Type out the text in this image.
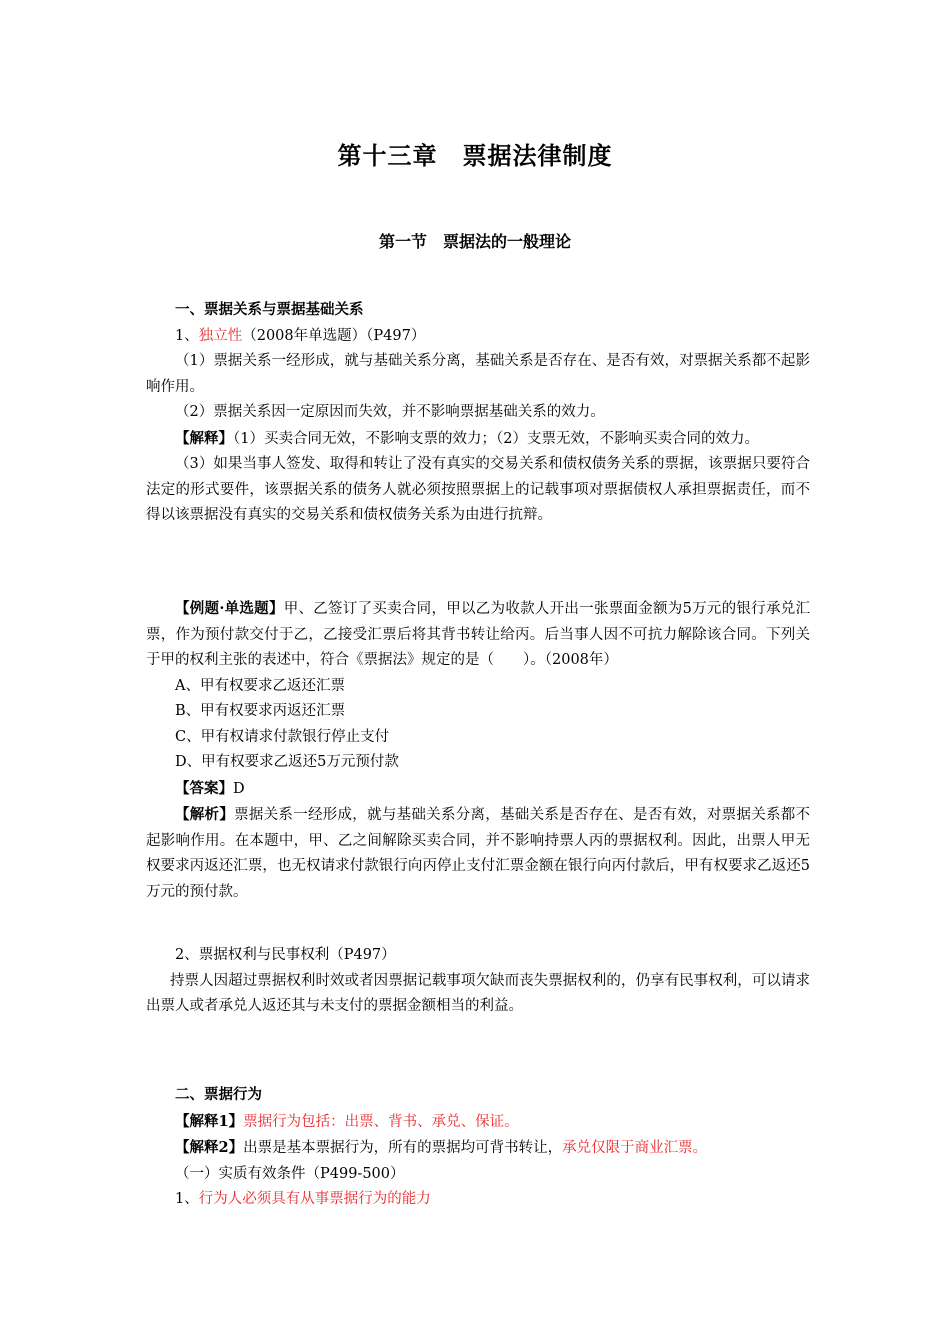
第十三章　票据法律制度
第一节　票据法的一般理论

一、票据关系与票据基础关系

1、独立性（2008年单选题）（P497）

（1）票据关系一经形成，就与基础关系分离，基础关系是否存在、是否有效，对票据关系都不起影响作用。

（2）票据关系因一定原因而失效，并不影响票据基础关系的效力。

【解释】（1）买卖合同无效，不影响支票的效力；（2）支票无效，不影响买卖合同的效力。

（3）如果当事人签发、取得和转让了没有真实的交易关系和债权债务关系的票据，该票据只要符合法定的形式要件，该票据关系的债务人就必须按照票据上的记载事项对票据债权人承担票据责任，而不得以该票据没有真实的交易关系和债权债务关系为由进行抗辩。

【例题·单选题】甲、乙签订了买卖合同，甲以乙为收款人开出一张票面金额为5万元的银行承兑汇票，作为预付款交付于乙，乙接受汇票后将其背书转让给丙。后当事人因不可抗力解除该合同。下列关于甲的权利主张的表述中，符合《票据法》规定的是（　　）。（2008年）

A、甲有权要求乙返还汇票

B、甲有权要求丙返还汇票

C、甲有权请求付款银行停止支付

D、甲有权要求乙返还5万元预付款

【答案】D

【解析】票据关系一经形成，就与基础关系分离，基础关系是否存在、是否有效，对票据关系都不起影响作用。在本题中，甲、乙之间解除买卖合同，并不影响持票人丙的票据权利。因此，出票人甲无权要求丙返还汇票，也无权请求付款银行向丙停止支付汇票金额在银行向丙付款后，甲有权要求乙返还5万元的预付款。

2、票据权利与民事权利（P497）

持票人因超过票据权利时效或者因票据记载事项欠缺而丧失票据权利的，仍享有民事权利，可以请求出票人或者承兑人返还其与未支付的票据金额相当的利益。

二、票据行为

【解释1】票据行为包括：出票、背书、承兑、保证。

【解释2】出票是基本票据行为，所有的票据均可背书转让，承兑仅限于商业汇票。

（一）实质有效条件（P499-500）

1、行为人必须具有从事票据行为的能力
